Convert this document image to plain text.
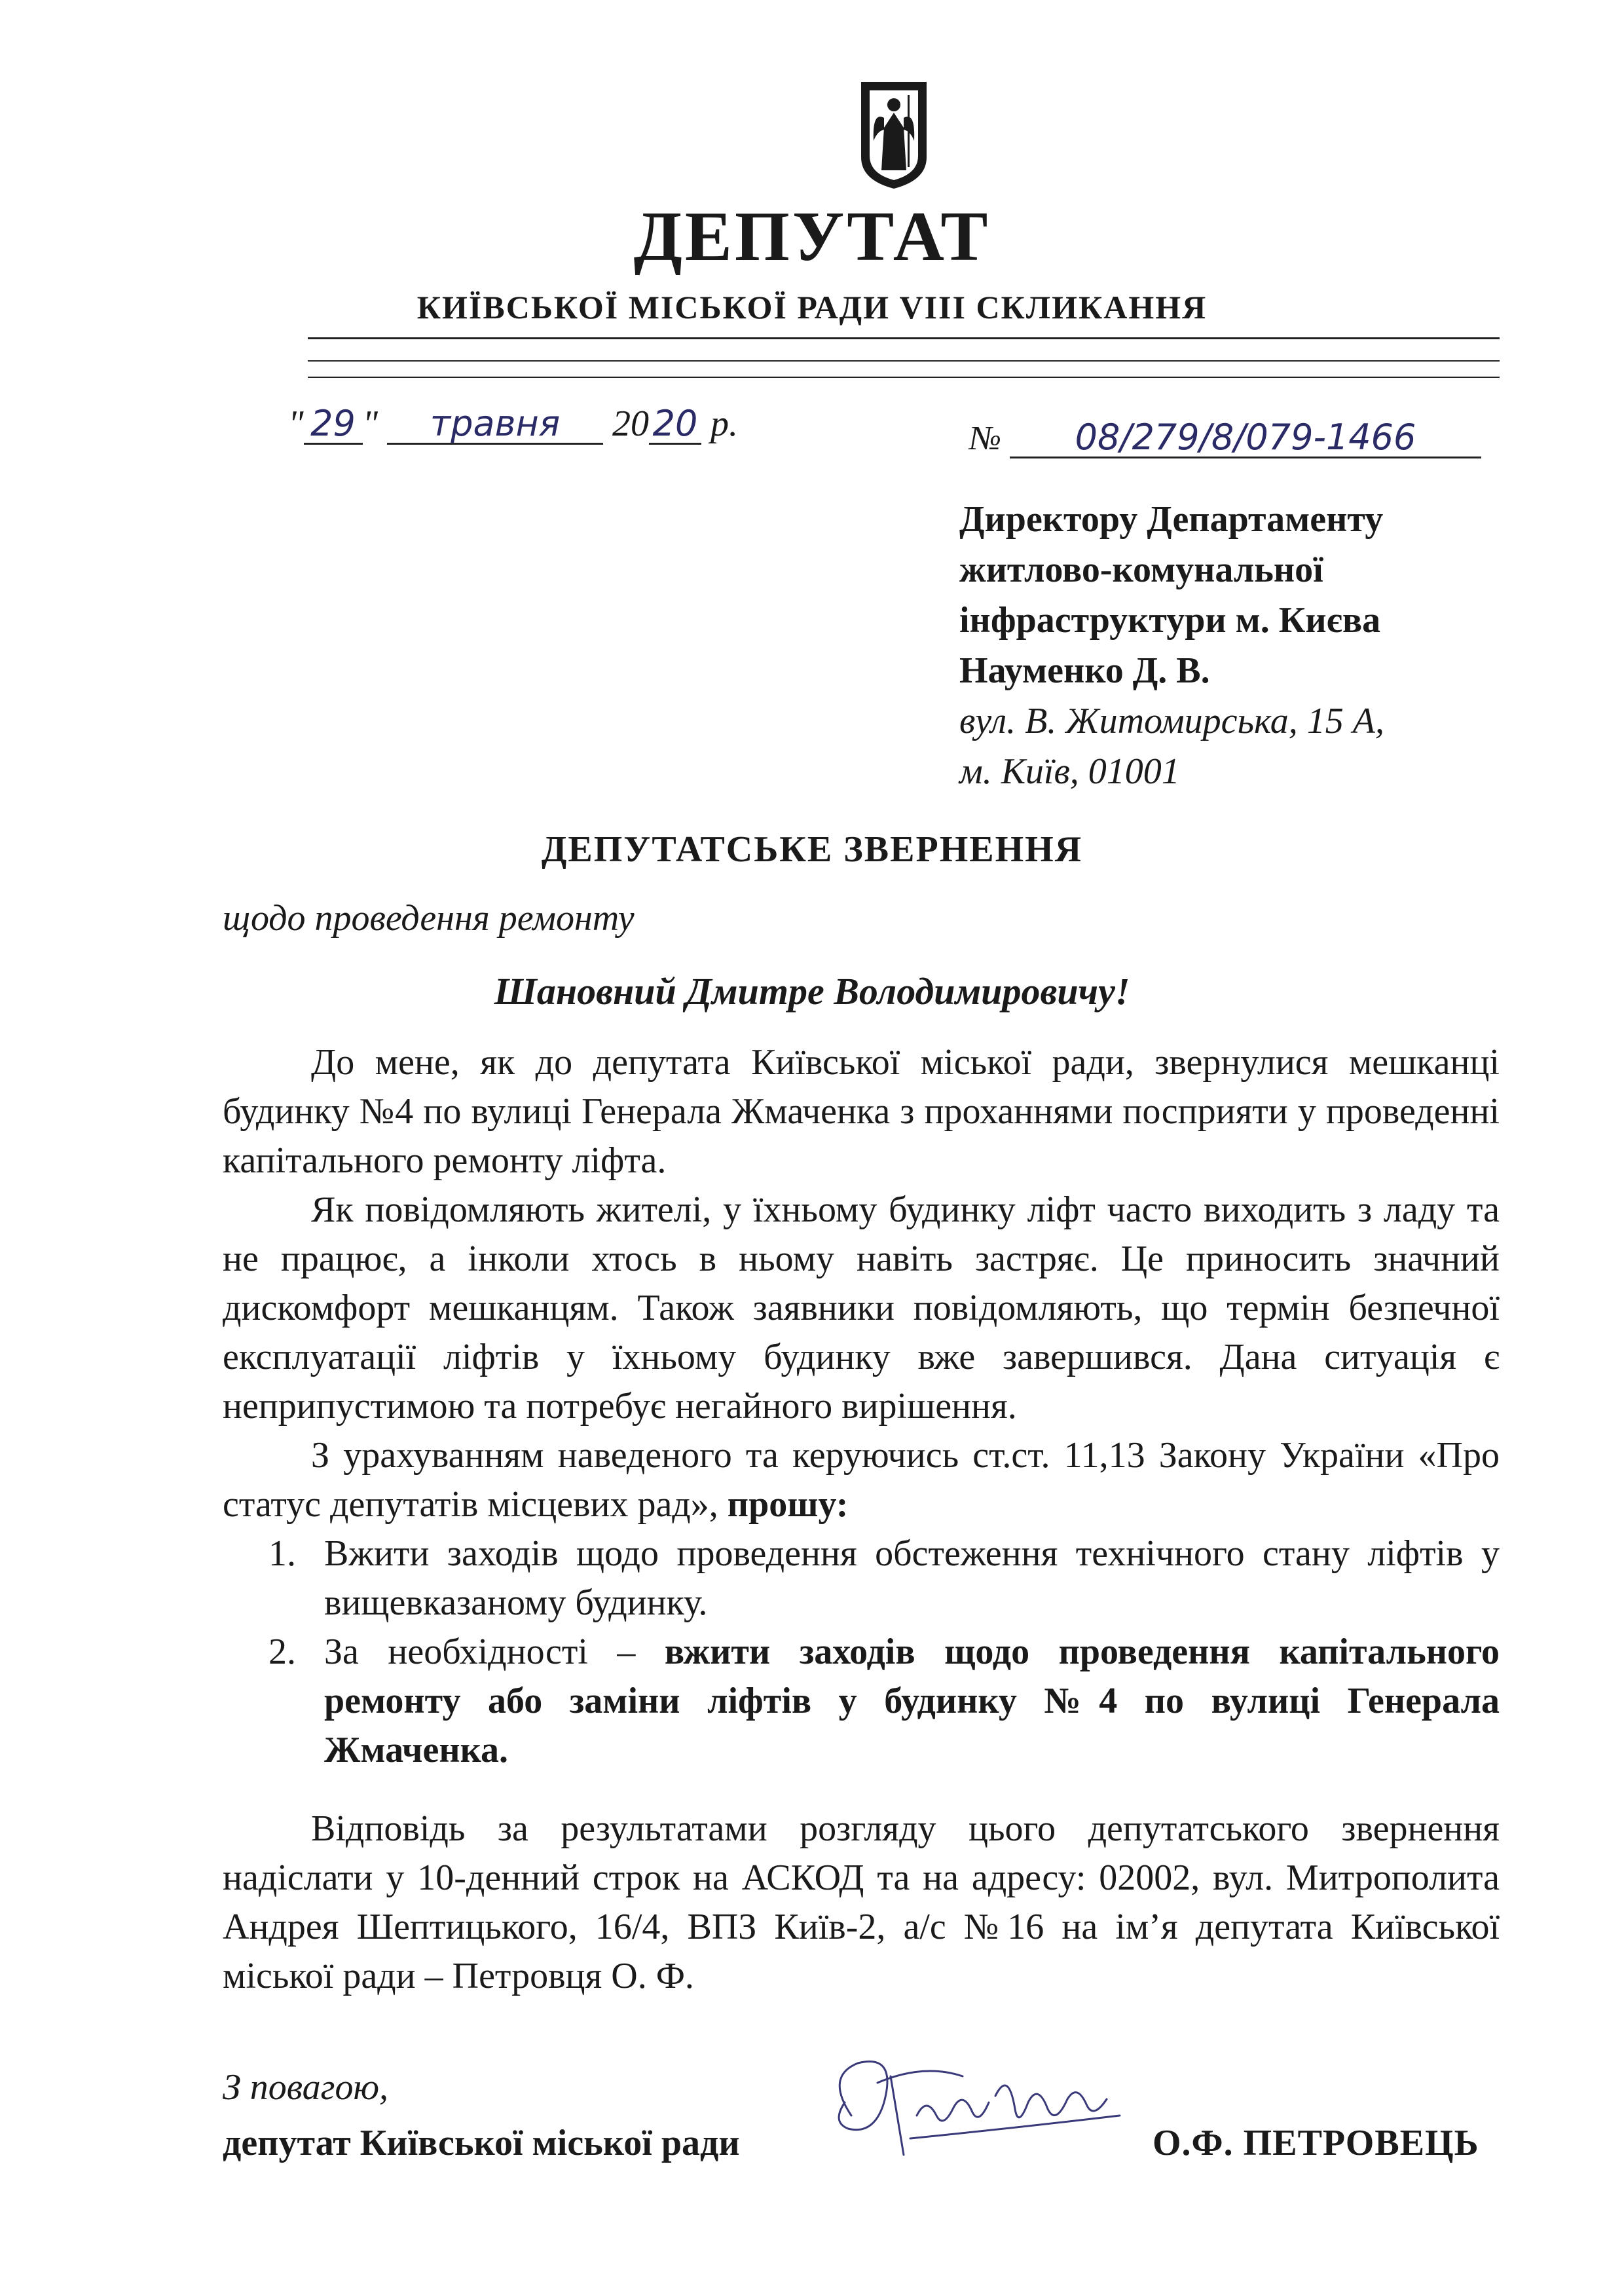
ДЕПУТАТ
КИЇВСЬКОЇ МІСЬКОЇ РАДИ VIII СКЛИКАННЯ
" 29 " травня 20 20 р.	№ 08/279/8/079-1466
Директору Департаменту
житлово-комунальної
інфраструктури м. Києва
Науменко Д. В.
вул. В. Житомирська, 15 А,
м. Київ, 01001
ДЕПУТАТСЬКЕ ЗВЕРНЕННЯ
щодо проведення ремонту
Шановний Дмитре Володимировичу!
До мене, як до депутата Київської міської ради, звернулися мешканці будинку №4 по вулиці Генерала Жмаченка з проханнями посприяти у проведенні капітального ремонту ліфта.
Як повідомляють жителі, у їхньому будинку ліфт часто виходить з ладу та не працює, а інколи хтось в ньому навіть застряє. Це приносить значний дискомфорт мешканцям. Також заявники повідомляють, що термін безпечної експлуатації ліфтів у їхньому будинку вже завершився. Дана ситуація є неприпустимою та потребує негайного вирішення.
З урахуванням наведеного та керуючись ст.ст. 11,13 Закону України «Про статус депутатів місцевих рад», прошу:
1. Вжити заходів щодо проведення обстеження технічного стану ліфтів у вищевказаному будинку.
2. За необхідності – вжити заходів щодо проведення капітального ремонту або заміни ліфтів у будинку №4 по вулиці Генерала Жмаченка.
Відповідь за результатами розгляду цього депутатського звернення надіслати у 10-денний строк на АСКОД та на адресу: 02002, вул. Митрополита Андрея Шептицького, 16/4, ВПЗ Київ-2, а/с №16 на ім’я депутата Київської міської ради – Петровця О. Ф.
З повагою,
депутат Київської міської ради	О.Ф. ПЕТРОВЕЦЬ
